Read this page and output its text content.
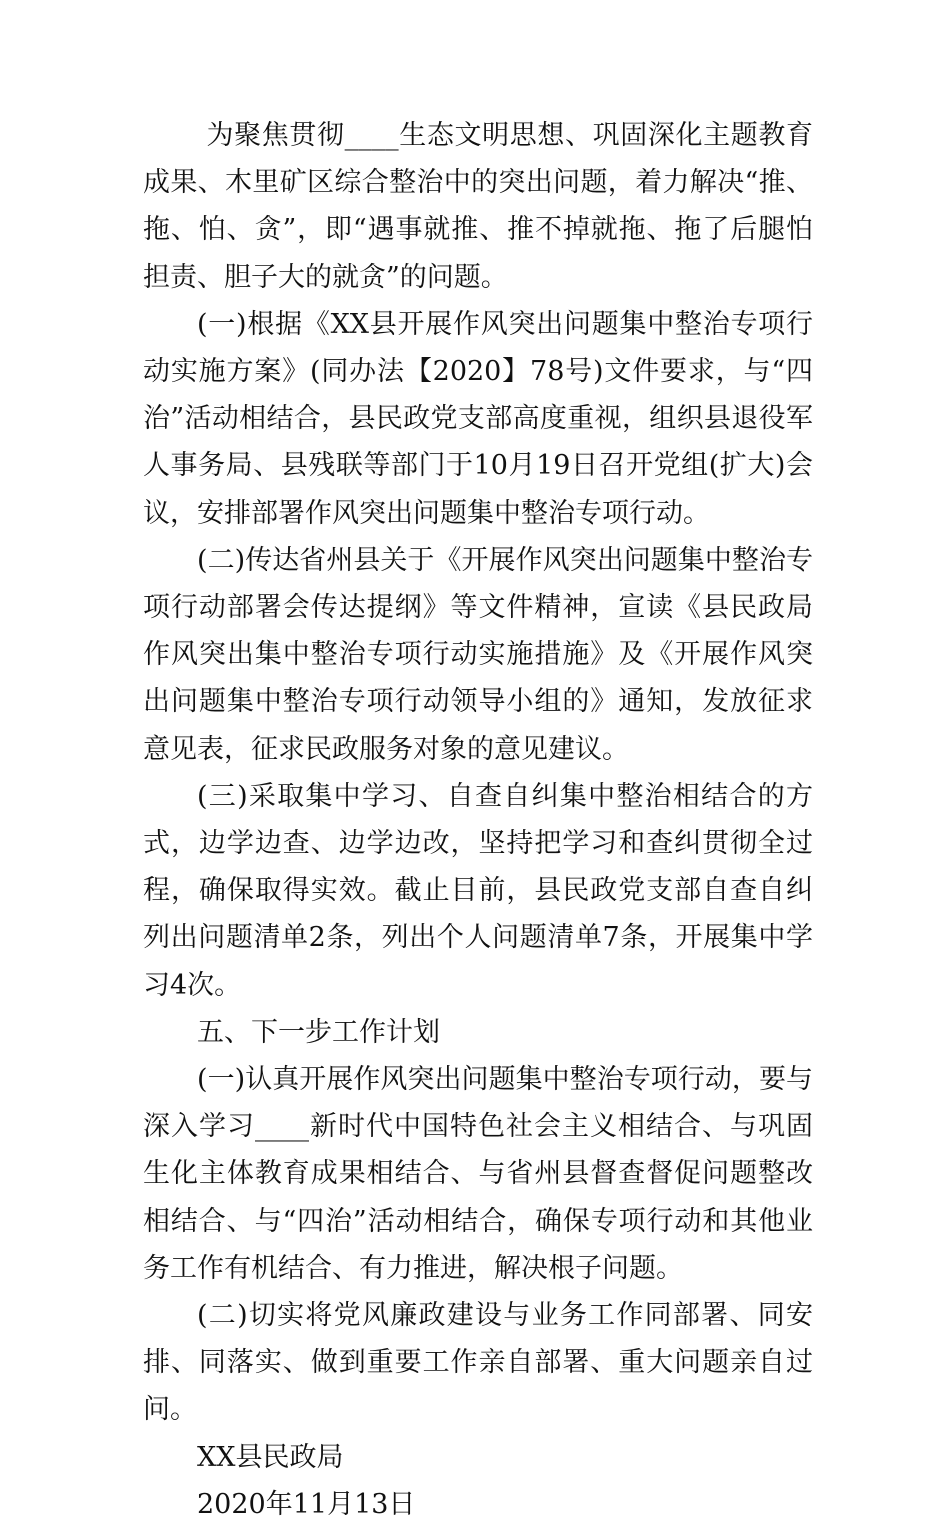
为聚焦贯彻____生态文明思想、巩固深化主题教育成果、木里矿区综合整治中的突出问题，着力解决“推、拖、怕、贪”，即“遇事就推、推不掉就拖、拖了后腿怕担责、胆子大的就贪”的问题。

(一)根据《XX县开展作风突出问题集中整治专项行动实施方案》(同办法【2020】78号)文件要求，与“四治”活动相结合，县民政党支部高度重视，组织县退役军人事务局、县残联等部门于10月19日召开党组(扩大)会议，安排部署作风突出问题集中整治专项行动。

(二)传达省州县关于《开展作风突出问题集中整治专项行动部署会传达提纲》等文件精神，宣读《县民政局作风突出集中整治专项行动实施措施》及《开展作风突出问题集中整治专项行动领导小组的》通知，发放征求意见表，征求民政服务对象的意见建议。

(三)采取集中学习、自查自纠集中整治相结合的方式，边学边查、边学边改，坚持把学习和查纠贯彻全过程，确保取得实效。截止目前，县民政党支部自查自纠列出问题清单2条，列出个人问题清单7条，开展集中学习4次。

五、下一步工作计划

(一)认真开展作风突出问题集中整治专项行动，要与深入学习____新时代中国特色社会主义相结合、与巩固生化主体教育成果相结合、与省州县督查督促问题整改相结合、与“四治”活动相结合，确保专项行动和其他业务工作有机结合、有力推进，解决根子问题。

(二)切实将党风廉政建设与业务工作同部署、同安排、同落实、做到重要工作亲自部署、重大问题亲自过问。

XX县民政局

2020年11月13日
